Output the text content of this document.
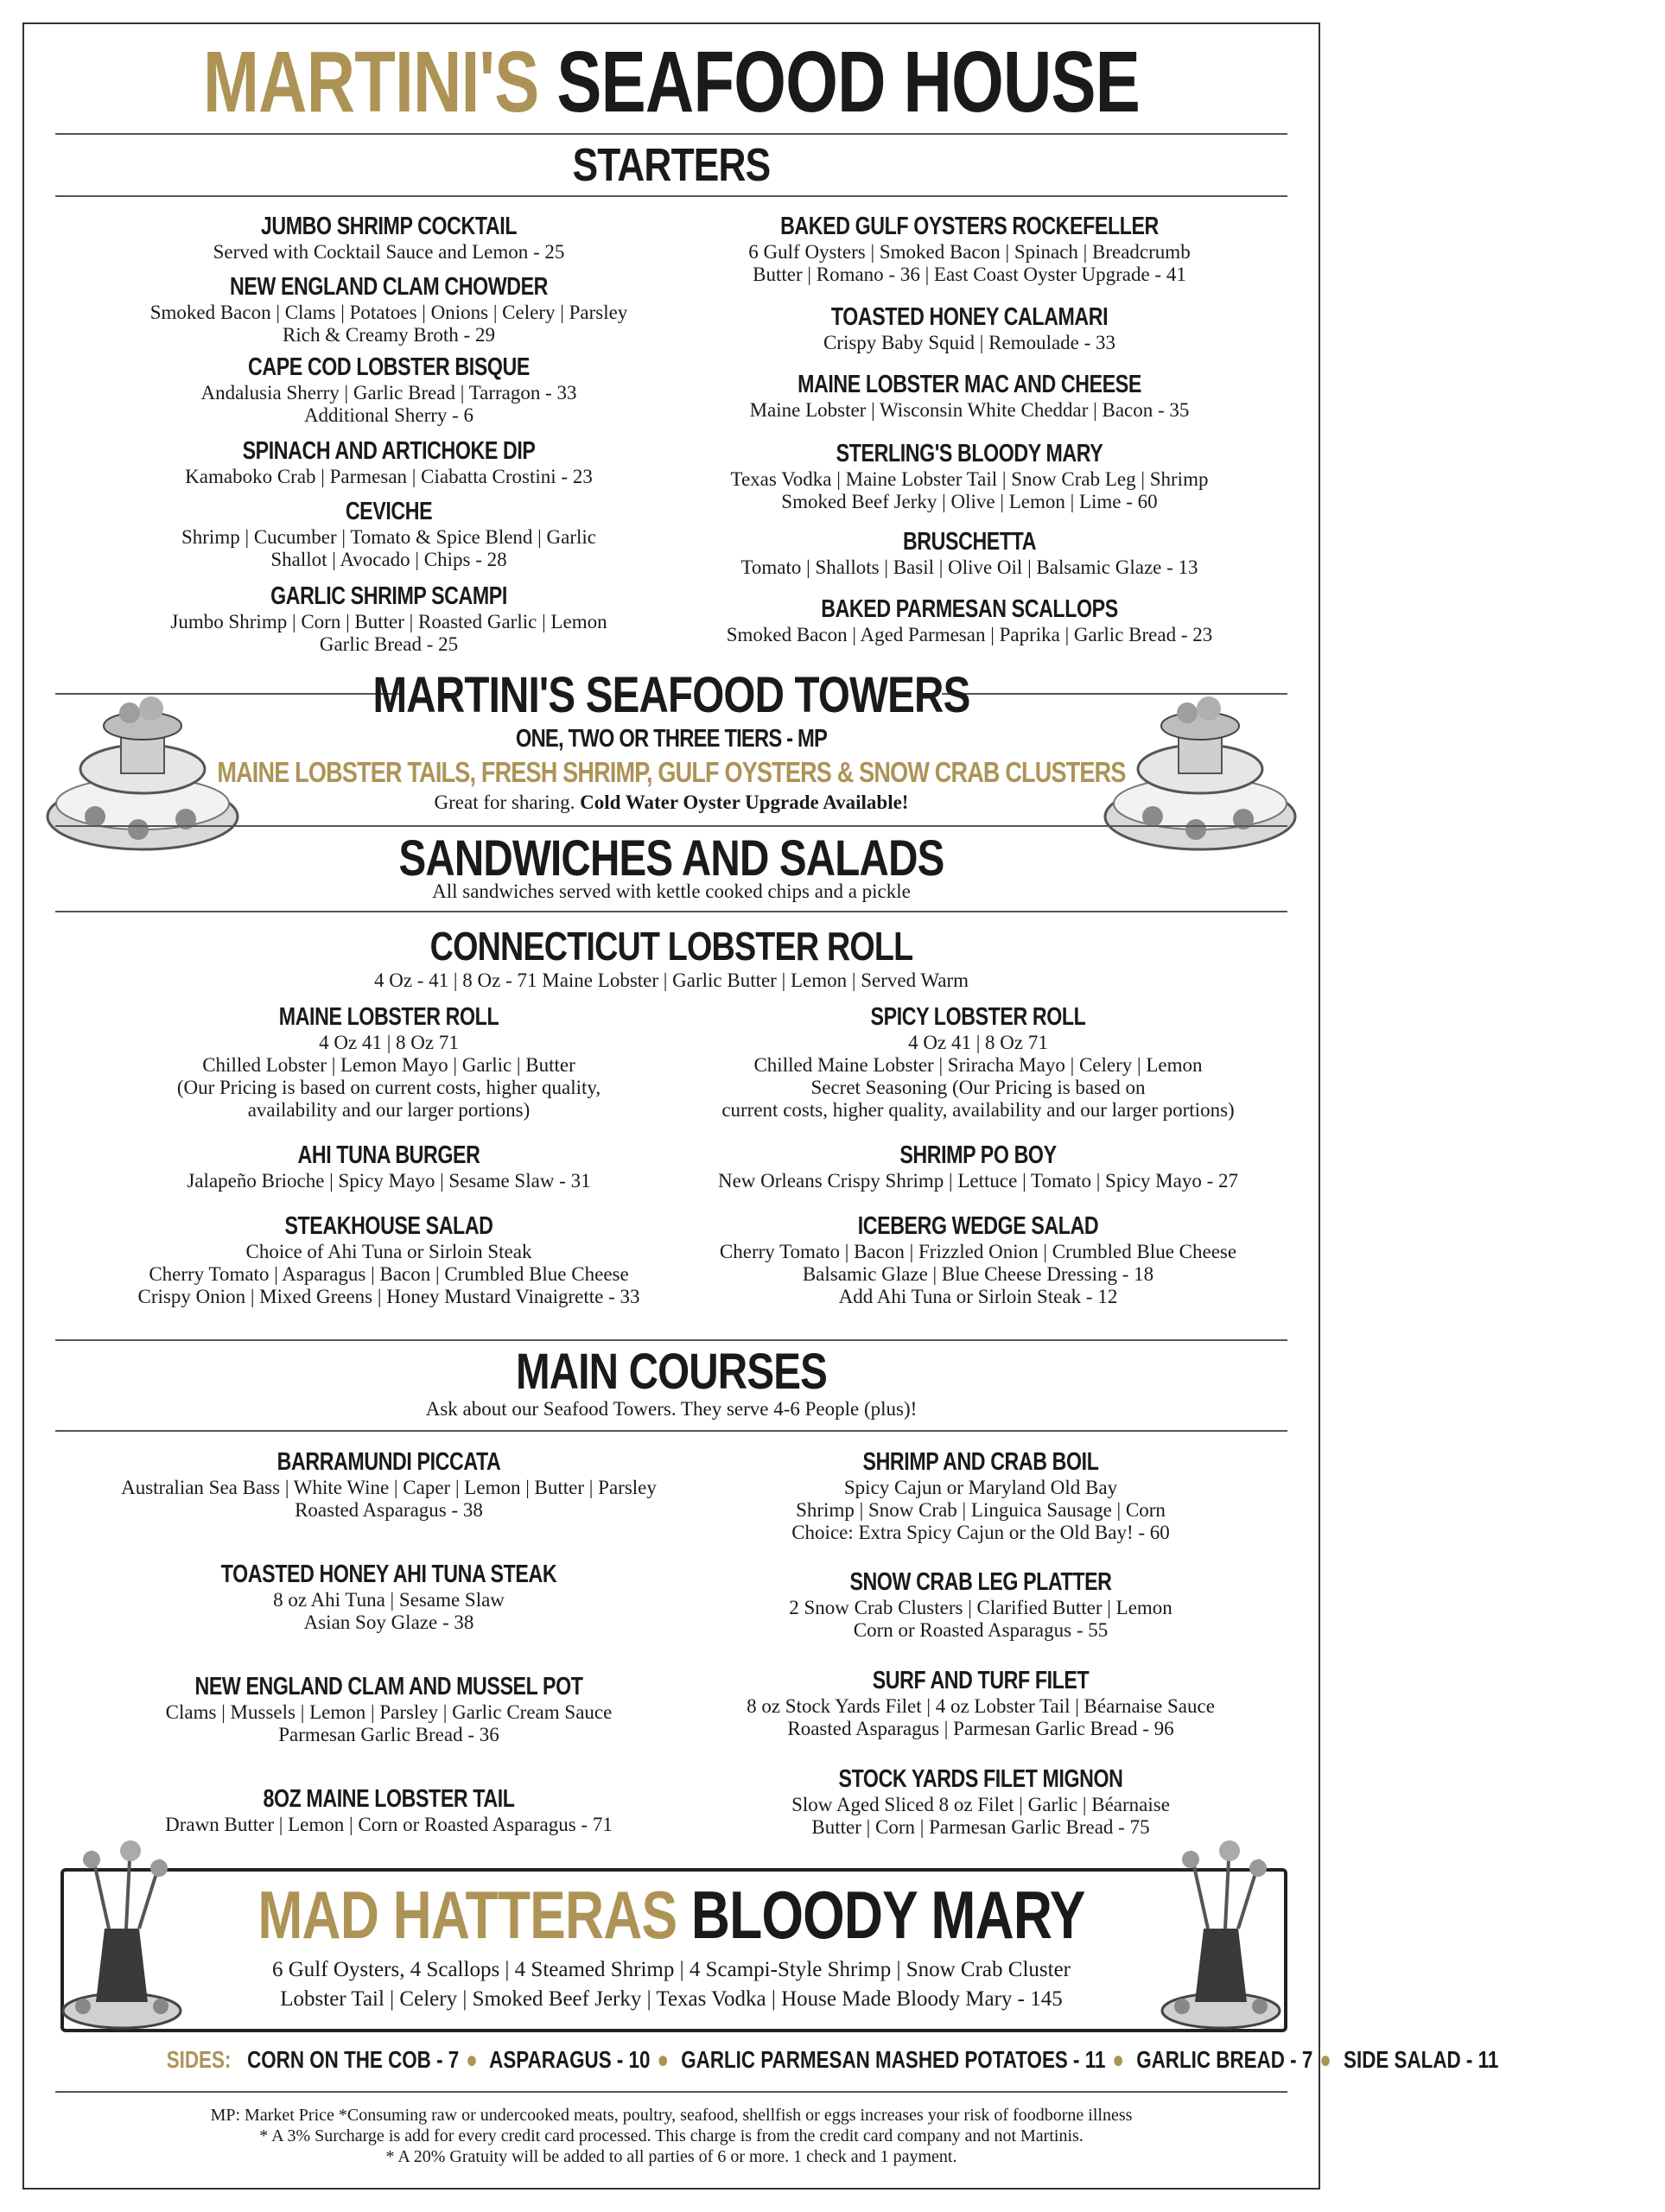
MARTINI'S SEAFOOD HOUSE
STARTERS
JUMBO SHRIMP COCKTAIL
Served with Cocktail Sauce and Lemon - 25
NEW ENGLAND CLAM CHOWDER
Smoked Bacon | Clams | Potatoes | Onions | Celery | Parsley
Rich & Creamy Broth - 29
CAPE COD LOBSTER BISQUE
Andalusia Sherry | Garlic Bread | Tarragon - 33
Additional Sherry - 6
SPINACH AND ARTICHOKE DIP
Kamaboko Crab | Parmesan | Ciabatta Crostini - 23
CEVICHE
Shrimp | Cucumber | Tomato & Spice Blend | Garlic
Shallot | Avocado | Chips - 28
GARLIC SHRIMP SCAMPI
Jumbo Shrimp | Corn | Butter | Roasted Garlic | Lemon
Garlic Bread - 25
BAKED GULF OYSTERS ROCKEFELLER
6 Gulf Oysters | Smoked Bacon | Spinach | Breadcrumb
Butter | Romano - 36 | East Coast Oyster Upgrade - 41
TOASTED HONEY CALAMARI
Crispy Baby Squid | Remoulade - 33
MAINE LOBSTER MAC AND CHEESE
Maine Lobster | Wisconsin White Cheddar | Bacon - 35
STERLING'S BLOODY MARY
Texas Vodka | Maine Lobster Tail | Snow Crab Leg | Shrimp
Smoked Beef Jerky | Olive | Lemon | Lime - 60
BRUSCHETTA
Tomato | Shallots | Basil | Olive Oil | Balsamic Glaze - 13
BAKED PARMESAN SCALLOPS
Smoked Bacon | Aged Parmesan | Paprika | Garlic Bread - 23
MARTINI'S SEAFOOD TOWERS
ONE, TWO OR THREE TIERS - MP
MAINE LOBSTER TAILS, FRESH SHRIMP, GULF OYSTERS & SNOW CRAB CLUSTERS
Great for sharing. Cold Water Oyster Upgrade Available!
SANDWICHES AND SALADS
All sandwiches served with kettle cooked chips and a pickle
CONNECTICUT LOBSTER ROLL
4 Oz - 41 | 8 Oz - 71 Maine Lobster | Garlic Butter | Lemon | Served Warm
MAINE LOBSTER ROLL
4 Oz 41 | 8 Oz 71
Chilled Lobster | Lemon Mayo | Garlic | Butter
(Our Pricing is based on current costs, higher quality,
availability and our larger portions)
AHI TUNA BURGER
Jalapeño Brioche | Spicy Mayo | Sesame Slaw - 31
STEAKHOUSE SALAD
Choice of Ahi Tuna or Sirloin Steak
Cherry Tomato | Asparagus | Bacon | Crumbled Blue Cheese
Crispy Onion | Mixed Greens | Honey Mustard Vinaigrette - 33
SPICY LOBSTER ROLL
4 Oz 41 | 8 Oz 71
Chilled Maine Lobster | Sriracha Mayo | Celery | Lemon
Secret Seasoning (Our Pricing is based on
current costs, higher quality, availability and our larger portions)
SHRIMP PO BOY
New Orleans Crispy Shrimp | Lettuce | Tomato | Spicy Mayo - 27
ICEBERG WEDGE SALAD
Cherry Tomato | Bacon | Frizzled Onion | Crumbled Blue Cheese
Balsamic Glaze | Blue Cheese Dressing - 18
Add Ahi Tuna or Sirloin Steak - 12
MAIN COURSES
Ask about our Seafood Towers. They serve 4-6 People (plus)!
BARRAMUNDI PICCATA
Australian Sea Bass | White Wine | Caper | Lemon | Butter | Parsley
Roasted Asparagus - 38
TOASTED HONEY AHI TUNA STEAK
8 oz Ahi Tuna | Sesame Slaw
Asian Soy Glaze - 38
NEW ENGLAND CLAM AND MUSSEL POT
Clams | Mussels | Lemon | Parsley | Garlic Cream Sauce
Parmesan Garlic Bread - 36
8OZ MAINE LOBSTER TAIL
Drawn Butter | Lemon | Corn or Roasted Asparagus - 71
SHRIMP AND CRAB BOIL
Spicy Cajun or Maryland Old Bay
Shrimp | Snow Crab | Linguica Sausage | Corn
Choice: Extra Spicy Cajun or the Old Bay! - 60
SNOW CRAB LEG PLATTER
2 Snow Crab Clusters | Clarified Butter | Lemon
Corn or Roasted Asparagus - 55
SURF AND TURF FILET
8 oz Stock Yards Filet | 4 oz Lobster Tail | Béarnaise Sauce
Roasted Asparagus | Parmesan Garlic Bread - 96
STOCK YARDS FILET MIGNON
Slow Aged Sliced 8 oz Filet | Garlic | Béarnaise
Butter | Corn | Parmesan Garlic Bread - 75
MAD HATTERAS BLOODY MARY
6 Gulf Oysters, 4 Scallops | 4 Steamed Shrimp | 4 Scampi-Style Shrimp | Snow Crab Cluster
Lobster Tail | Celery | Smoked Beef Jerky | Texas Vodka | House Made Bloody Mary - 145
SIDES: CORN ON THE COB - 7 ● ASPARAGUS - 10 ● GARLIC PARMESAN MASHED POTATOES - 11 ● GARLIC BREAD - 7 ● SIDE SALAD - 11
MP: Market Price *Consuming raw or undercooked meats, poultry, seafood, shellfish or eggs increases your risk of foodborne illness
* A 3% Surcharge is add for every credit card processed. This charge is from the credit card company and not Martinis.
* A 20% Gratuity will be added to all parties of 6 or more. 1 check and 1 payment.
